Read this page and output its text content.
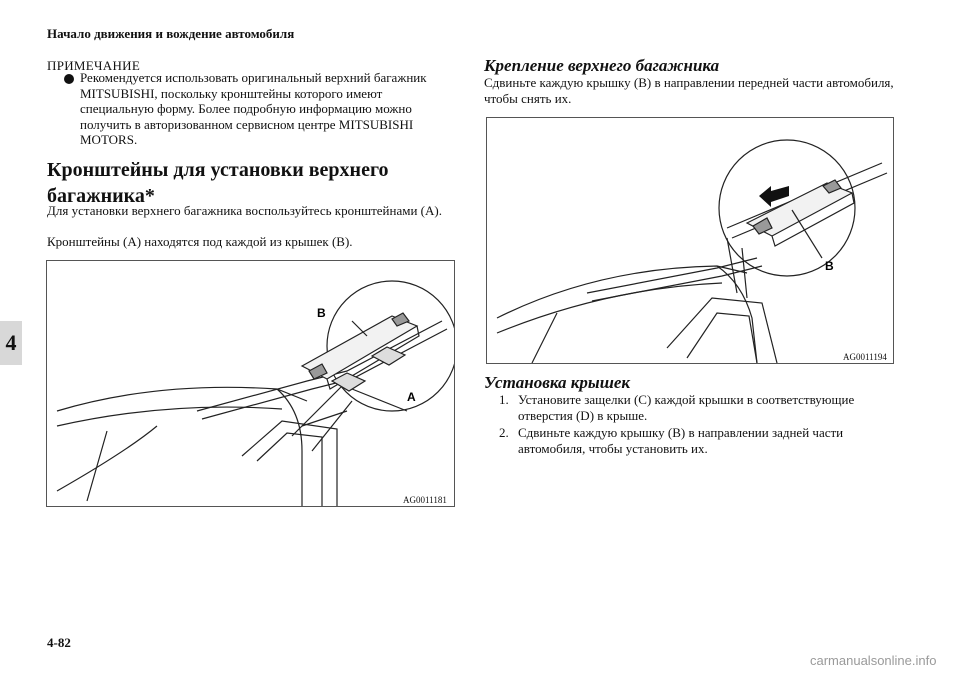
Начало движения и вождение автомобиля
4
ПРИМЕЧАНИЕ
Рекомендуется использовать оригинальный верхний багажник MITSUBISHI, поскольку кронштейны которого имеют специальную форму. Более подробную информацию можно получить в авторизованном сервисном центре MITSUBISHI MOTORS.
Кронштейны для установки верхнего багажника*
Для установки верхнего багажника воспользуйтесь кронштейнами (A).
Кронштейны (A) находятся под каждой из крышек (B).
B
A
AG0011181
Крепление верхнего багажника
Сдвиньте каждую крышку (B) в направлении передней части автомобиля, чтобы снять их.
B
AG0011194
Установка крышек
1. Установите защелки (C) каждой крышки в соответствующие отверстия (D) в крыше.
2. Сдвиньте каждую крышку (B) в направлении задней части автомобиля, чтобы установить их.
4-82
carmanualsonline.info
